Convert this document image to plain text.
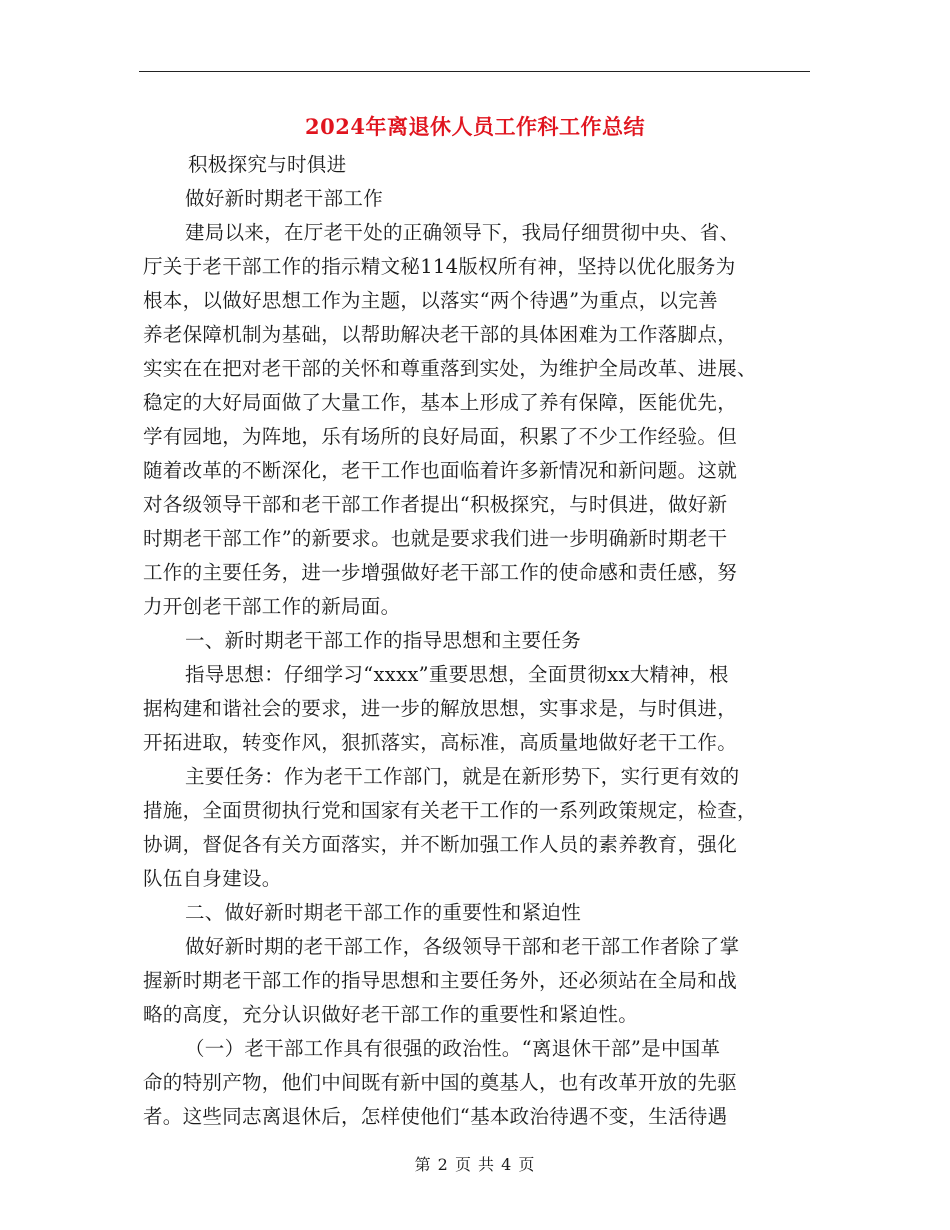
2024年离退休人员工作科工作总结
积极探究与时俱进
做好新时期老干部工作
建局以来，在厅老干处的正确领导下，我局仔细贯彻中央、省、
厅关于老干部工作的指示精文秘114版权所有神，坚持以优化服务为
根本，以做好思想工作为主题，以落实“两个待遇”为重点，以完善
养老保障机制为基础，以帮助解决老干部的具体困难为工作落脚点，
实实在在把对老干部的关怀和尊重落到实处，为维护全局改革、进展、
稳定的大好局面做了大量工作，基本上形成了养有保障，医能优先，
学有园地，为阵地，乐有场所的良好局面，积累了不少工作经验。但
随着改革的不断深化，老干工作也面临着许多新情况和新问题。这就
对各级领导干部和老干部工作者提出“积极探究，与时俱进，做好新
时期老干部工作”的新要求。也就是要求我们进一步明确新时期老干
工作的主要任务，进一步增强做好老干部工作的使命感和责任感，努
力开创老干部工作的新局面。
一、新时期老干部工作的指导思想和主要任务
指导思想：仔细学习“xxxx”重要思想，全面贯彻xx大精神，根
据构建和谐社会的要求，进一步的解放思想，实事求是，与时俱进，
开拓进取，转变作风，狠抓落实，高标准，高质量地做好老干工作。
主要任务：作为老干工作部门，就是在新形势下，实行更有效的
措施，全面贯彻执行党和国家有关老干工作的一系列政策规定，检查，
协调，督促各有关方面落实，并不断加强工作人员的素养教育，强化
队伍自身建设。
二、做好新时期老干部工作的重要性和紧迫性
做好新时期的老干部工作，各级领导干部和老干部工作者除了掌
握新时期老干部工作的指导思想和主要任务外，还必须站在全局和战
略的高度，充分认识做好老干部工作的重要性和紧迫性。
（一）老干部工作具有很强的政治性。“离退休干部”是中国革
命的特别产物，他们中间既有新中国的奠基人，也有改革开放的先驱
者。这些同志离退休后，怎样使他们“基本政治待遇不变，生活待遇
第 2 页 共 4 页
